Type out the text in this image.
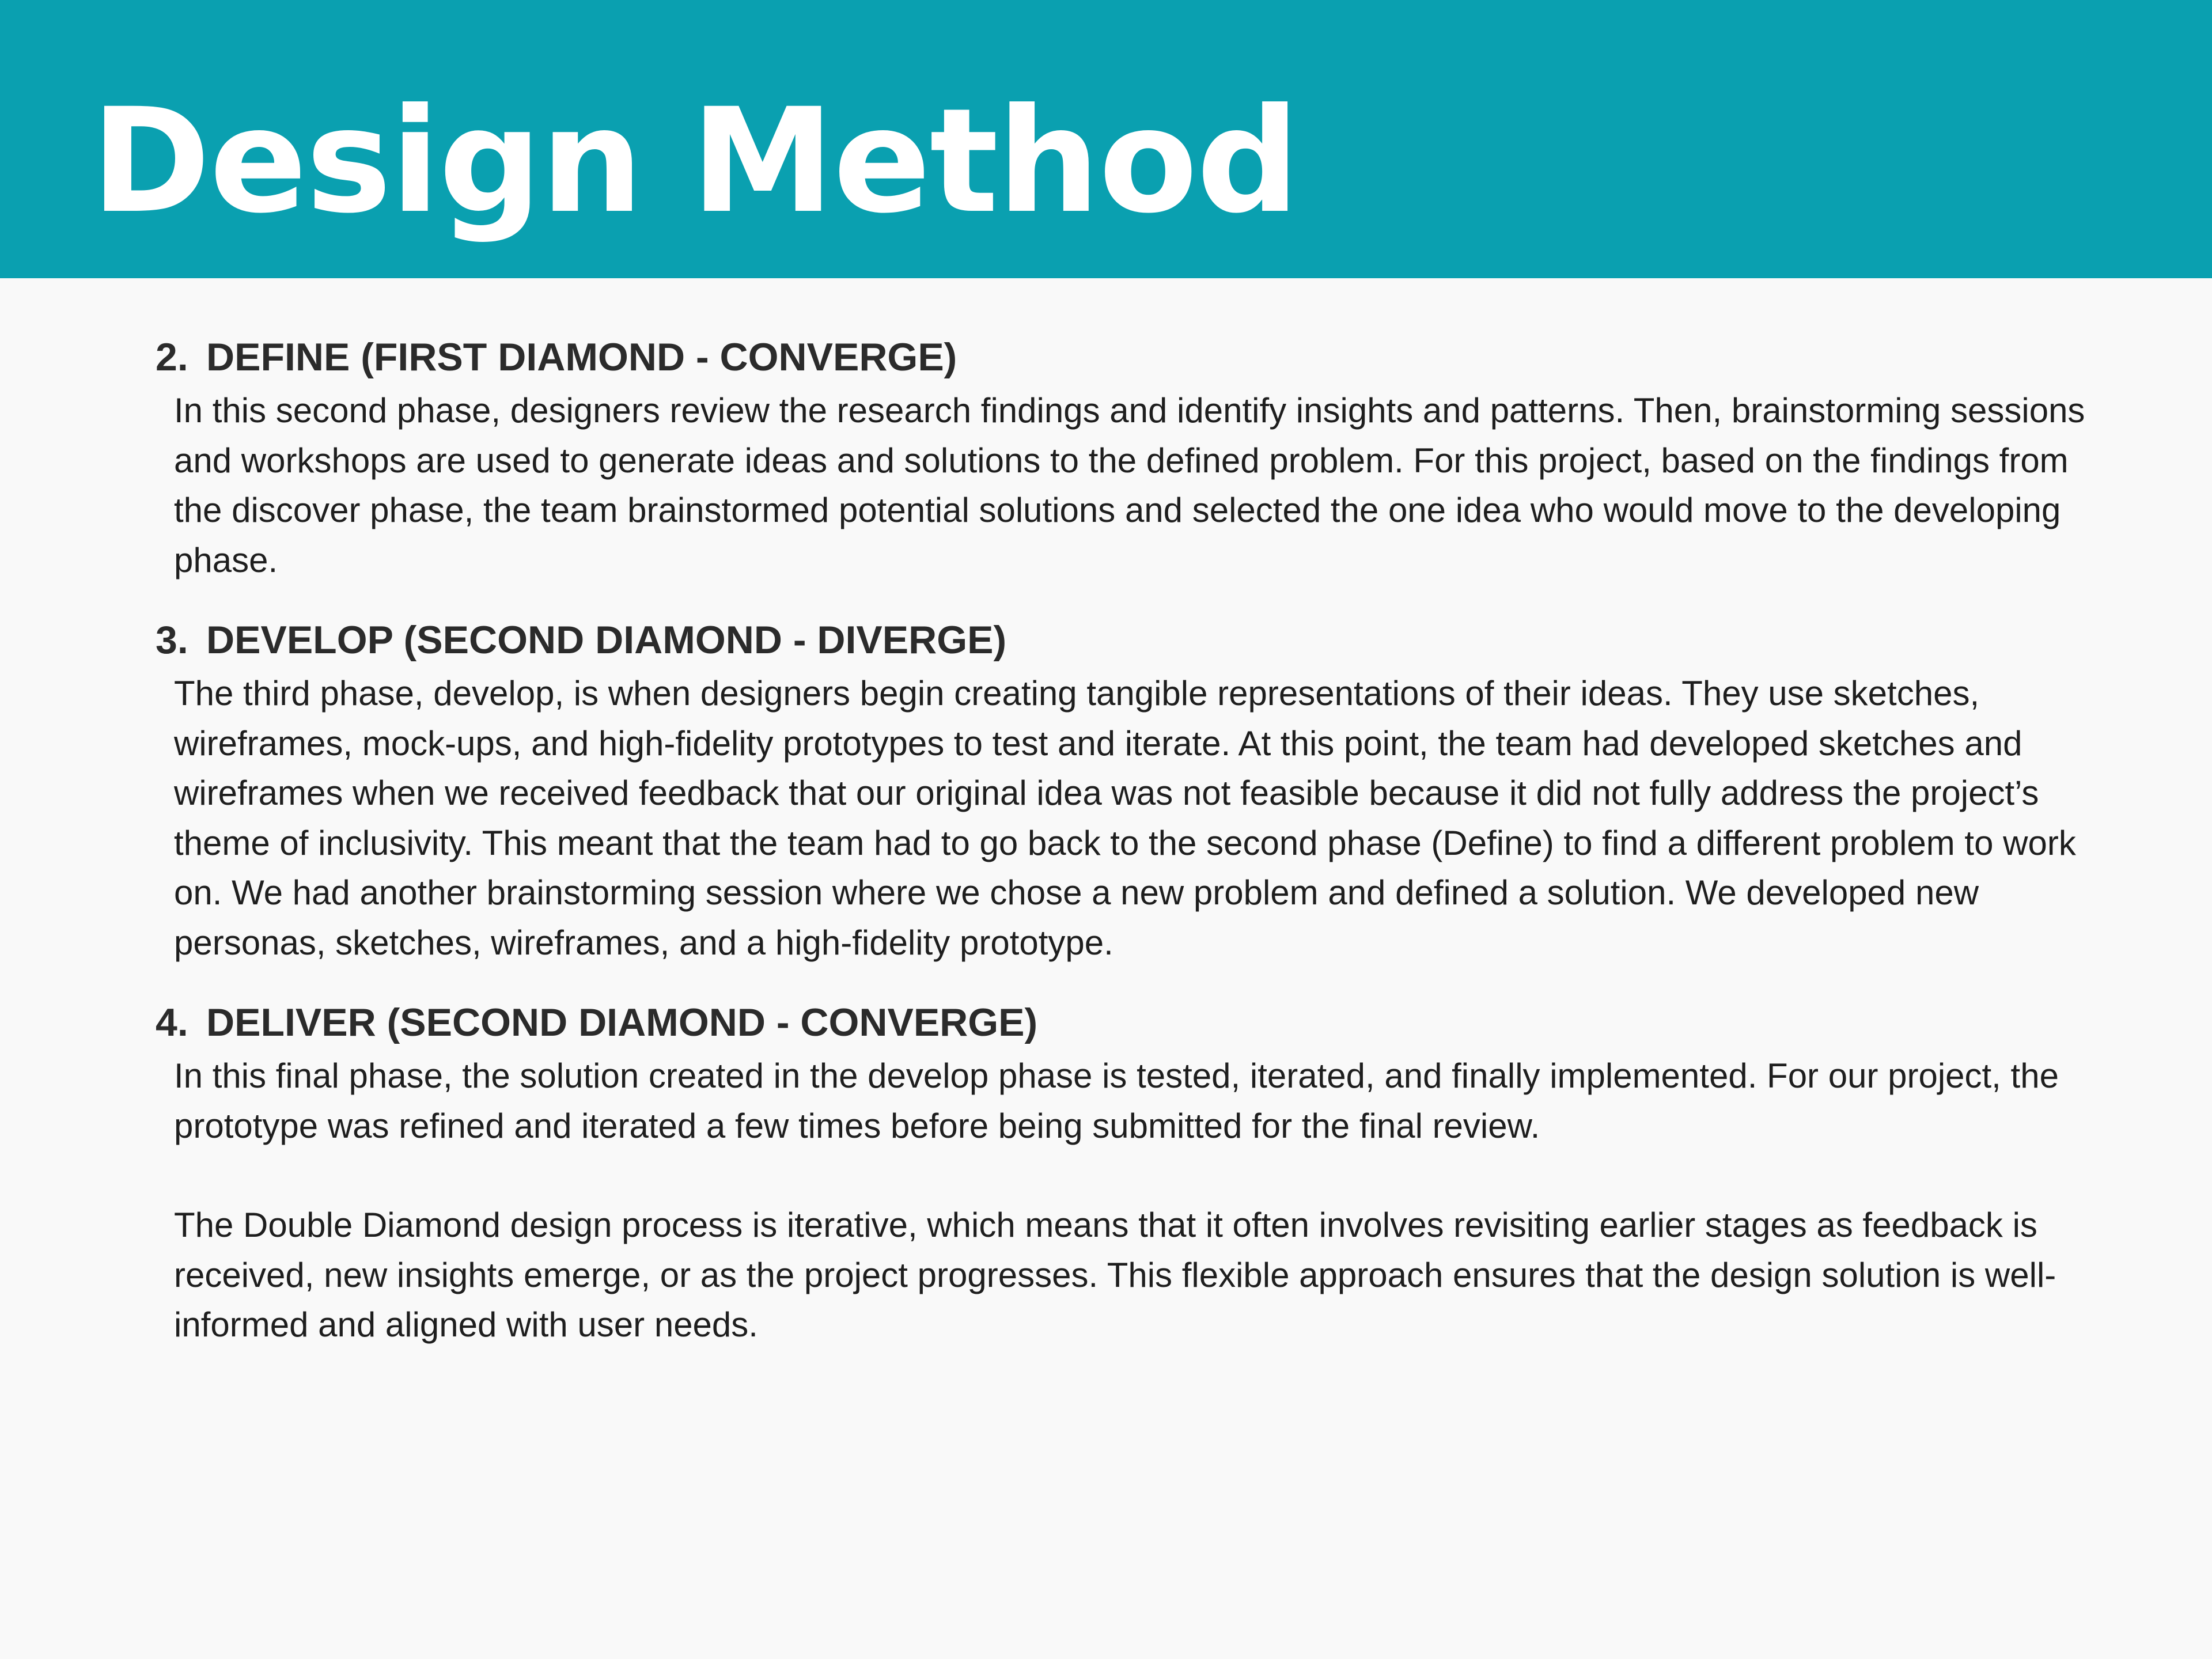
Design Method
2. DEFINE (FIRST DIAMOND - CONVERGE)

In this second phase, designers review the research findings and identify insights and patterns. Then, brainstorming sessions and workshops are used to generate ideas and solutions to the defined problem. For this project, based on the findings from the discover phase, the team brainstormed potential solutions and selected the one idea who would move to the developing phase.

3. DEVELOP (SECOND DIAMOND - DIVERGE)

The third phase, develop, is when designers begin creating tangible representations of their ideas. They use sketches, wireframes, mock-ups, and high-fidelity prototypes to test and iterate. At this point, the team had developed sketches and wireframes when we received feedback that our original idea was not feasible because it did not fully address the project’s theme of inclusivity. This meant that the team had to go back to the second phase (Define) to find a different problem to work on. We had another brainstorming session where we chose a new problem and defined a solution. We developed new personas, sketches, wireframes, and a high-fidelity prototype.

4. DELIVER (SECOND DIAMOND - CONVERGE)

In this final phase, the solution created in the develop phase is tested, iterated, and finally implemented. For our project, the prototype was refined and iterated a few times before being submitted for the final review.

The Double Diamond design process is iterative, which means that it often involves revisiting earlier stages as feedback is received, new insights emerge, or as the project progresses. This flexible approach ensures that the design solution is well-informed and aligned with user needs.
